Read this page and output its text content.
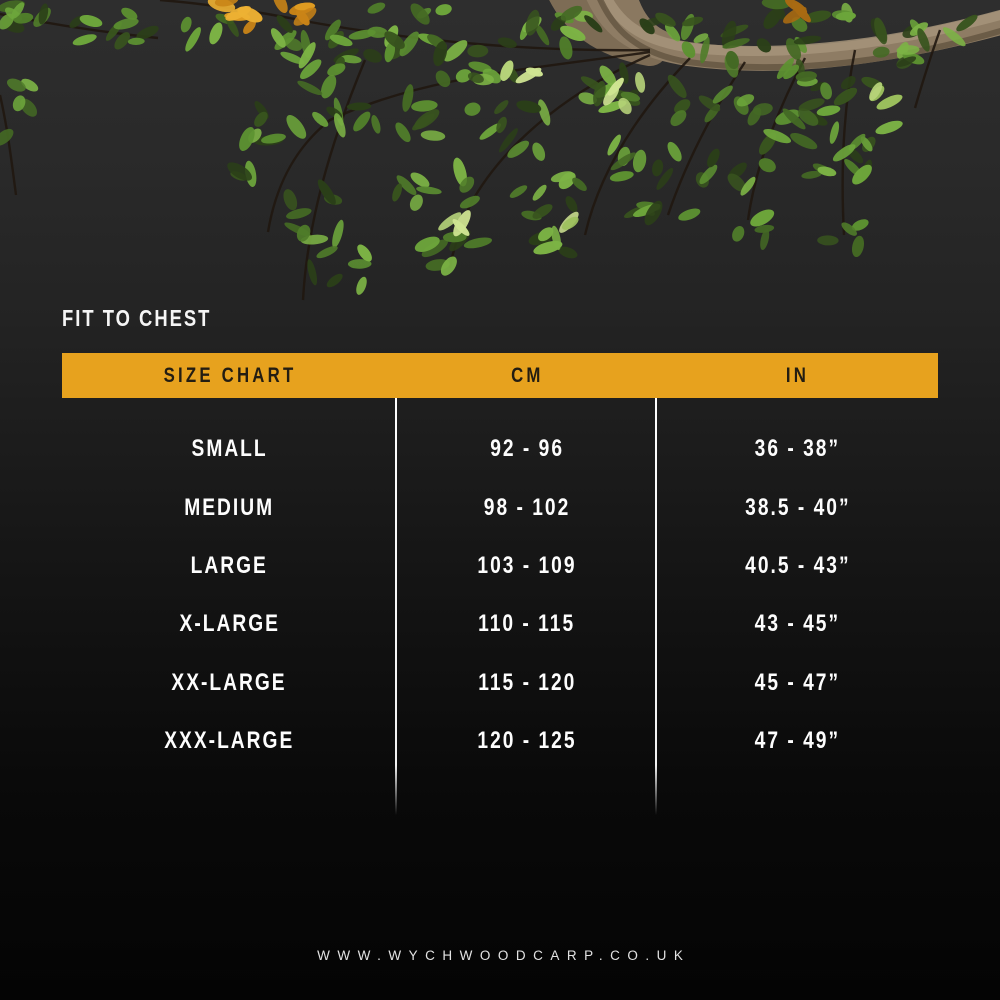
FIT TO CHEST
SIZE CHART	CM	IN
SMALL	92 - 96	36 - 38”
MEDIUM	98 - 102	38.5 - 40”
LARGE	103 - 109	40.5 - 43”
X-LARGE	110 - 115	43 - 45”
XX-LARGE	115 - 120	45 - 47”
XXX-LARGE	120 - 125	47 - 49”
WWW.WYCHWOODCARP.CO.UK
